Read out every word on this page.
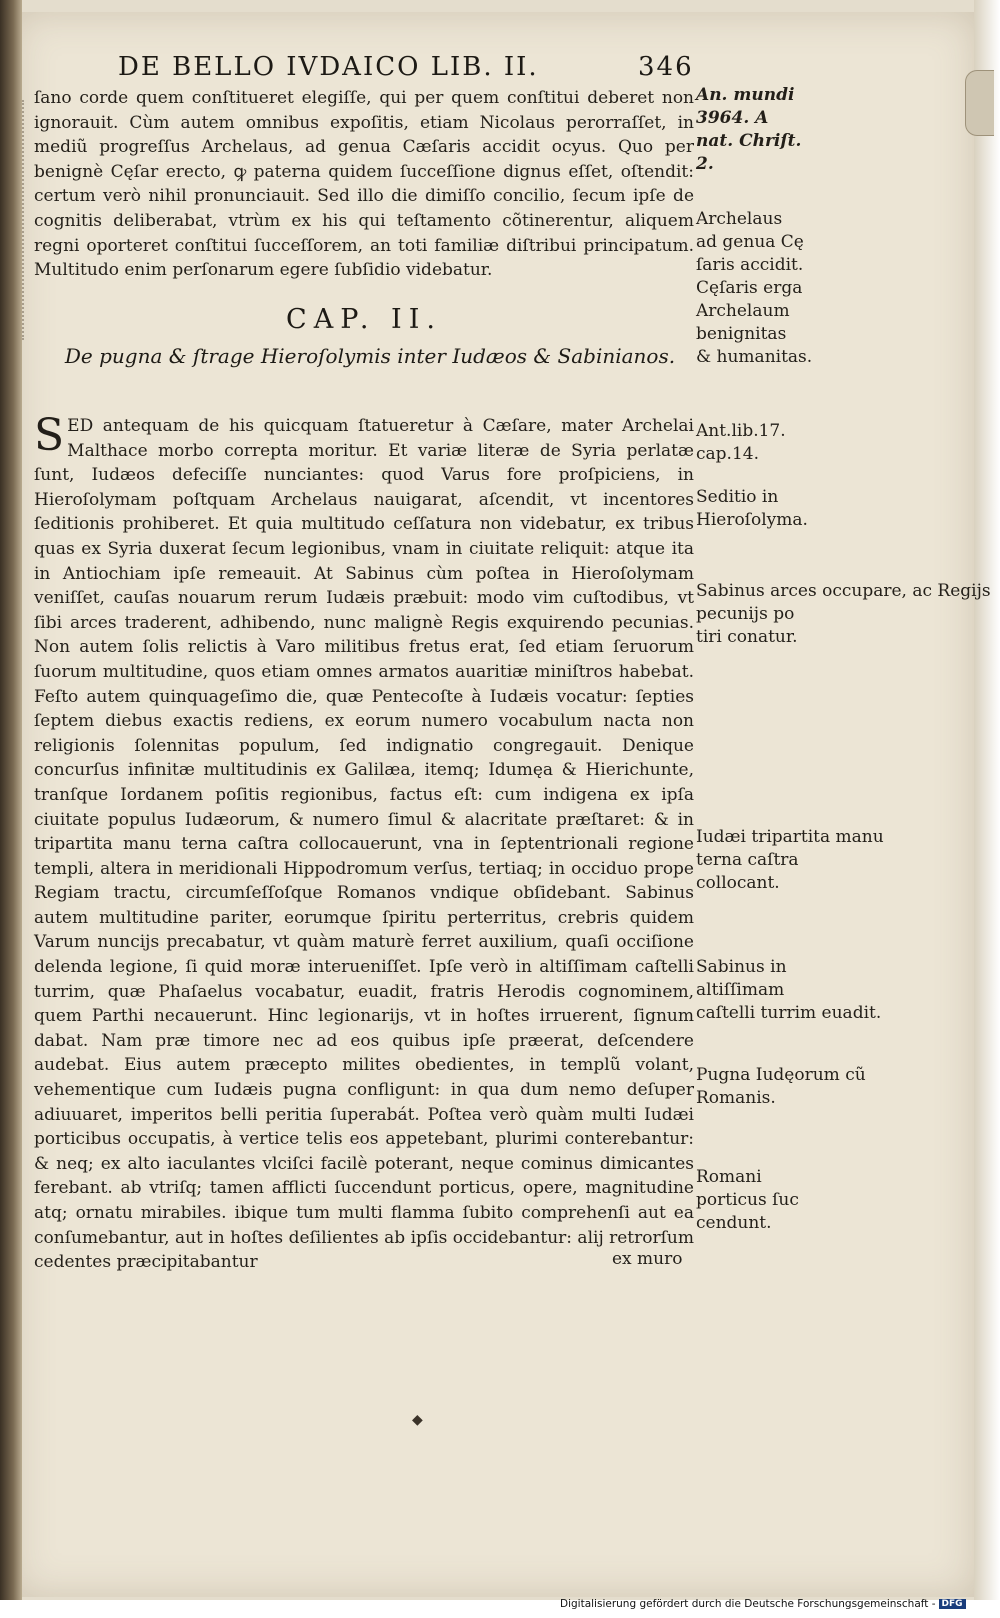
DE BELLO IVDAICO LIB. II.	346

ſano corde quem conſtitueret elegiſſe, qui per quem conſtitui deberet non ignorauit. Cùm autem omnibus expoſitis, etiam Nicolaus perorraſſet, in mediũ progreſſus Archelaus, ad genua Cæſaris accidit ocyus. Quo per benignè Cęſar erecto, ꝙ paterna quidem ſucceſſione dignus eſſet, oſtendit: certum verò nihil pronunciauit. Sed illo die dimiſſo concilio, ſecum ipſe de cognitis deliberabat, vtrùm ex his qui teſtamento cõtinerentur, aliquem regni oporteret conſtitui ſucceſſorem, an toti familiæ diſtribui principatum. Multitudo enim perſonarum egere ſubſidio videbatur.

CAP. II.
De pugna & ſtrage Hieroſolymis inter Iudæos & Sabinianos.
S ED antequam de his quicquam ſtatueretur à Cæſare, mater Archelai Malthace morbo correpta moritur. Et variæ literæ de Syria perlatæ ſunt, Iudæos defeciſſe nunciantes: quod Varus fore proſpiciens, in Hieroſolymam poſtquam Archelaus nauigarat, aſcendit, vt incentores ſeditionis prohiberet. Et quia multitudo ceſſatura non videbatur, ex tribus quas ex Syria duxerat ſecum legionibus, vnam in ciuitate reliquit: atque ita in Antiochiam ipſe remeauit. At Sabinus cùm poſtea in Hieroſolymam veniſſet, cauſas nouarum rerum Iudæis præbuit: modo vim cuſtodibus, vt ſibi arces traderent, adhibendo, nunc malignè Regis exquirendo pecunias. Non autem ſolis relictis à Varo militibus fretus erat, ſed etiam ſeruorum ſuorum multitudine, quos etiam omnes armatos auaritiæ miniſtros habebat. Feſto autem quinquageſimo die, quæ Pentecoſte à Iudæis vocatur: ſepties ſeptem diebus exactis rediens, ex eorum numero vocabulum nacta non religionis ſolennitas populum, ſed indignatio congregauit. Denique concurſus infinitæ multitudinis ex Galilæa, itemq; Idumęa & Hierichunte, tranſque Iordanem poſitis regionibus, factus eſt: cum indigena ex ipſa ciuitate populus Iudæorum, & numero ſimul & alacritate præſtaret: & in tripartita manu terna caſtra collocauerunt, vna in ſeptentrionali regione templi, altera in meridionali Hippodromum verſus, tertiaq; in occiduo prope Regiam tractu, circumſeſſoſque Romanos vndique obſidebant. Sabinus autem multitudine pariter, eorumque ſpiritu perterritus, crebris quidem Varum nuncijs precabatur, vt quàm maturè ferret auxilium, quaſi occiſione delenda legione, ſi quid moræ interueniſſet. Ipſe verò in altiſſimam caſtelli turrim, quæ Phaſaelus vocabatur, euadit, fratris Herodis cognominem, quem Parthi necauerunt. Hinc legionarijs, vt in hoſtes irruerent, ſignum dabat. Nam præ timore nec ad eos quibus ipſe præerat, deſcendere audebat. Eius autem præcepto milites obedientes, in templũ volant, vehementique cum Iudæis pugna confligunt: in qua dum nemo deſuper adiuuaret, imperitos belli peritia ſuperabát. Poſtea verò quàm multi Iudæi porticibus occupatis, à vertice telis eos appetebant, plurimi conterebantur: & neq; ex alto iaculantes vlciſci facilè poterant, neque cominus dimicantes ferebant. ab vtriſq; tamen afflicti ſuccendunt porticus, opere, magnitudine atq; ornatu mirabiles. ibique tum multi flamma ſubito comprehenſi aut ea conſumebantur, aut in hoſtes deſilientes ab ipſis occidebantur: alij retrorſum cedentes præcipitabantur
An. mundi
3964. A
nat. Chriſt.
2.
Archelaus
ad genua Cę
ſaris accidit.
Cęſaris erga
Archelaum
benignitas
& humanitas.
Ant.lib.17.
cap.14.
Seditio in
Hieroſolyma.
Sabinus arces occupare, ac Regijs
pecunijs po
tiri conatur.
Iudæi tripartita manu
terna caſtra
collocant.
Sabinus in
altiſſimam
caſtelli turrim euadit.
Pugna Iudęorum cũ
Romanis.
Romani
porticus ſuc
cendunt.
ex muro
◆
Digitalisierung gefördert durch die Deutsche Forschungsgemeinschaft - DFG
